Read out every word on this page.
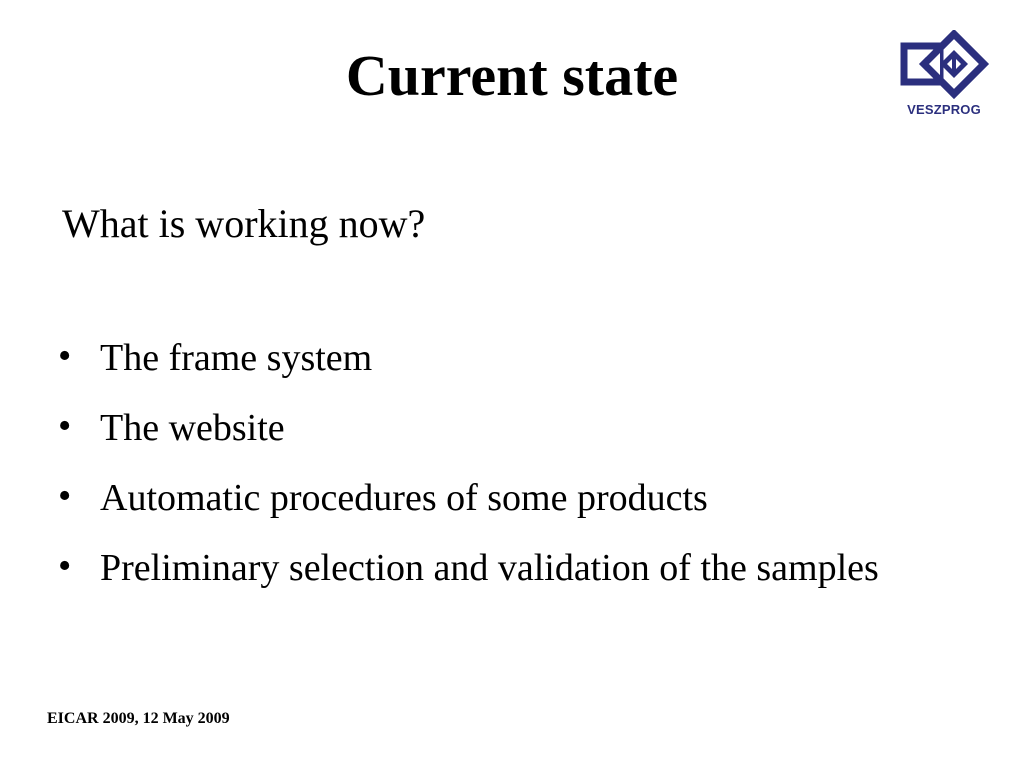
Current state
VESZPROG

What is working now?

• The frame system
• The website
• Automatic procedures of some products
• Preliminary selection and validation of the samples
EICAR 2009, 12 May 2009
